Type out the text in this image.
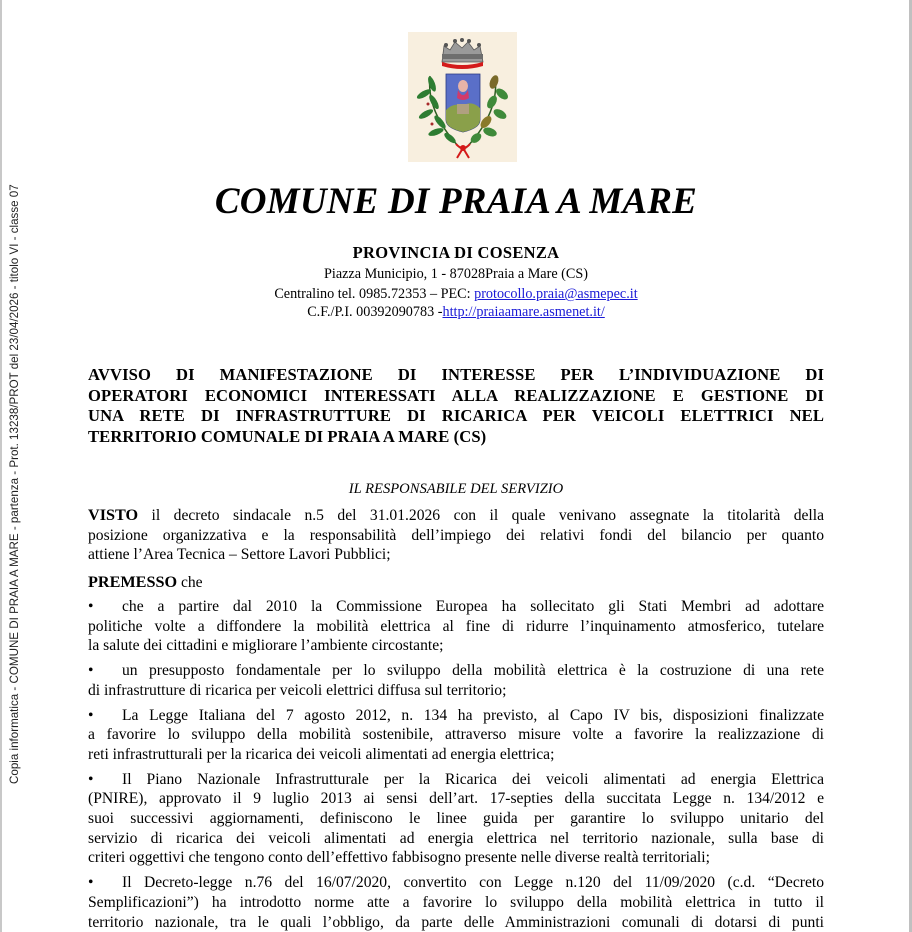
Copia informatica - COMUNE DI PRAIA A MARE - partenza - Prot. 13238/PROT del 23/04/2026 - titolo VI - classe 07	COMUNE DI PRAIA A MARE
PROVINCIA DI COSENZA
Piazza Municipio, 1 - 87028Praia a Mare (CS)
Centralino tel. 0985.72353 – PEC: protocollo.praia@asmepec.it
C.F./P.I. 00392090783 -http://praiaamare.asmenet.it/
AVVISO DI MANIFESTAZIONE DI INTERESSE PER L’INDIVIDUAZIONE DI
OPERATORI ECONOMICI INTERESSATI ALLA REALIZZAZIONE E GESTIONE DI
UNA RETE DI INFRASTRUTTURE DI RICARICA PER VEICOLI ELETTRICI NEL
TERRITORIO COMUNALE DI PRAIA A MARE (CS)
IL RESPONSABILE DEL SERVIZIO
VISTO il decreto sindacale n.5 del 31.01.2026 con il quale venivano assegnate la titolarità della
posizione organizzativa e la responsabilità dell’impiego dei relativi fondi del bilancio per quanto
attiene l’Area Tecnica – Settore Lavori Pubblici;
PREMESSO che
•	che a partire dal 2010 la Commissione Europea ha sollecitato gli Stati Membri ad adottare
politiche volte a diffondere la mobilità elettrica al fine di ridurre l’inquinamento atmosferico, tutelare
la salute dei cittadini e migliorare l’ambiente circostante;
•	un presupposto fondamentale per lo sviluppo della mobilità elettrica è la costruzione di una rete
di infrastrutture di ricarica per veicoli elettrici diffusa sul territorio;
•	La Legge Italiana del 7 agosto 2012, n. 134 ha previsto, al Capo IV bis, disposizioni finalizzate
a favorire lo sviluppo della mobilità sostenibile, attraverso misure volte a favorire la realizzazione di
reti infrastrutturali per la ricarica dei veicoli alimentati ad energia elettrica;
•	Il Piano Nazionale Infrastrutturale per la Ricarica dei veicoli alimentati ad energia Elettrica
(PNIRE), approvato il 9 luglio 2013 ai sensi dell’art. 17-septies della succitata Legge n. 134/2012 e
suoi successivi aggiornamenti, definiscono le linee guida per garantire lo sviluppo unitario del
servizio di ricarica dei veicoli alimentati ad energia elettrica nel territorio nazionale, sulla base di
criteri oggettivi che tengono conto dell’effettivo fabbisogno presente nelle diverse realtà territoriali;
•	Il Decreto-legge n.76 del 16/07/2020, convertito con Legge n.120 del 11/09/2020 (c.d. “Decreto
Semplificazioni”) ha introdotto norme atte a favorire lo sviluppo della mobilità elettrica in tutto il
territorio nazionale, tra le quali l’obbligo, da parte delle Amministrazioni comunali di dotarsi di punti
